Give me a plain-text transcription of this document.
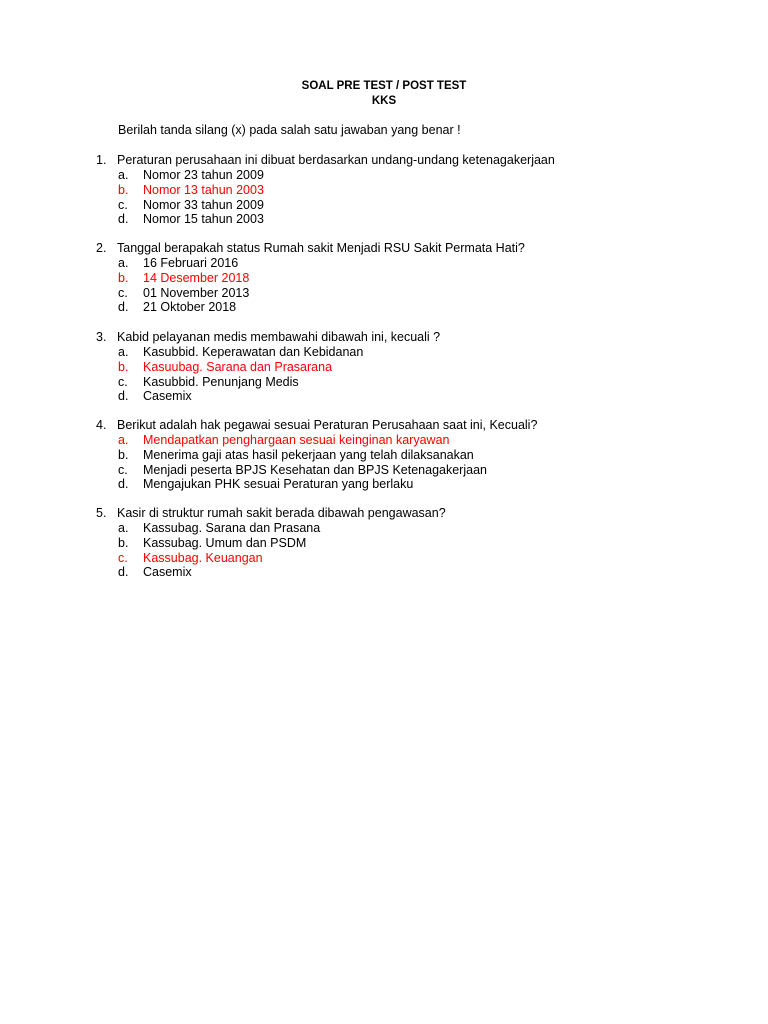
SOAL PRE TEST / POST TEST
KKS
Berilah tanda silang (x) pada salah satu jawaban yang benar !
1. Peraturan perusahaan ini dibuat berdasarkan undang-undang ketenagakerjaan
a. Nomor 23 tahun 2009
b. Nomor 13 tahun 2003
c. Nomor 33 tahun 2009
d. Nomor 15 tahun 2003
2. Tanggal berapakah status Rumah sakit Menjadi RSU Sakit Permata Hati?
a. 16 Februari 2016
b. 14 Desember 2018
c. 01 November 2013
d. 21 Oktober 2018
3. Kabid pelayanan medis membawahi dibawah ini, kecuali ?
a. Kasubbid. Keperawatan dan Kebidanan
b. Kasuubag. Sarana dan Prasarana
c. Kasubbid. Penunjang Medis
d. Casemix
4. Berikut adalah hak pegawai sesuai Peraturan Perusahaan saat ini, Kecuali?
a. Mendapatkan penghargaan sesuai keinginan karyawan
b. Menerima gaji atas hasil pekerjaan yang telah dilaksanakan
c. Menjadi peserta BPJS Kesehatan dan BPJS Ketenagakerjaan
d. Mengajukan PHK sesuai Peraturan yang berlaku
5. Kasir di struktur rumah sakit berada dibawah pengawasan?
a. Kassubag. Sarana dan Prasana
b. Kassubag. Umum dan PSDM
c. Kassubag. Keuangan
d. Casemix
